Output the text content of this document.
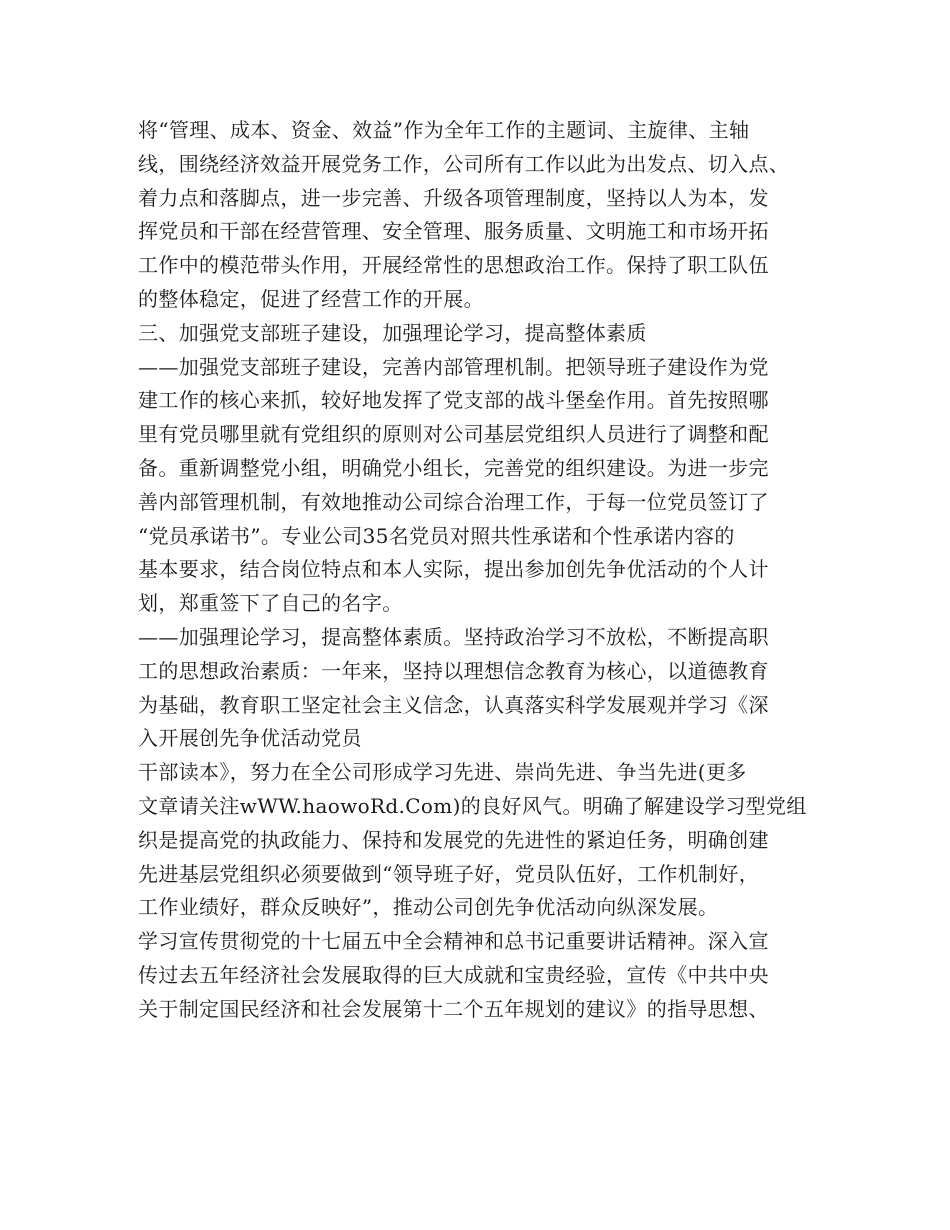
将“管理、成本、资金、效益”作为全年工作的主题词、主旋律、主轴
线，围绕经济效益开展党务工作，公司所有工作以此为出发点、切入点、
着力点和落脚点，进一步完善、升级各项管理制度，坚持以人为本，发
挥党员和干部在经营管理、安全管理、服务质量、文明施工和市场开拓
工作中的模范带头作用，开展经常性的思想政治工作。保持了职工队伍
的整体稳定，促进了经营工作的开展。
三、加强党支部班子建设，加强理论学习，提高整体素质
——加强党支部班子建设，完善内部管理机制。把领导班子建设作为党
建工作的核心来抓，较好地发挥了党支部的战斗堡垒作用。首先按照哪
里有党员哪里就有党组织的原则对公司基层党组织人员进行了调整和配
备。重新调整党小组，明确党小组长，完善党的组织建设。为进一步完
善内部管理机制，有效地推动公司综合治理工作，于每一位党员签订了
“党员承诺书”。专业公司35名党员对照共性承诺和个性承诺内容的
基本要求，结合岗位特点和本人实际，提出参加创先争优活动的个人计
划，郑重签下了自己的名字。
——加强理论学习，提高整体素质。坚持政治学习不放松，不断提高职
工的思想政治素质：一年来，坚持以理想信念教育为核心，以道德教育
为基础，教育职工坚定社会主义信念，认真落实科学发展观并学习《深
入开展创先争优活动党员
干部读本》，努力在全公司形成学习先进、崇尚先进、争当先进(更多
文章请关注wWW.haowoRd.Com)的良好风气。明确了解建设学习型党组
织是提高党的执政能力、保持和发展党的先进性的紧迫任务，明确创建
先进基层党组织必须要做到“领导班子好，党员队伍好，工作机制好，
工作业绩好，群众反映好”，推动公司创先争优活动向纵深发展。
学习宣传贯彻党的十七届五中全会精神和总书记重要讲话精神。深入宣
传过去五年经济社会发展取得的巨大成就和宝贵经验，宣传《中共中央
关于制定国民经济和社会发展第十二个五年规划的建议》的指导思想、
